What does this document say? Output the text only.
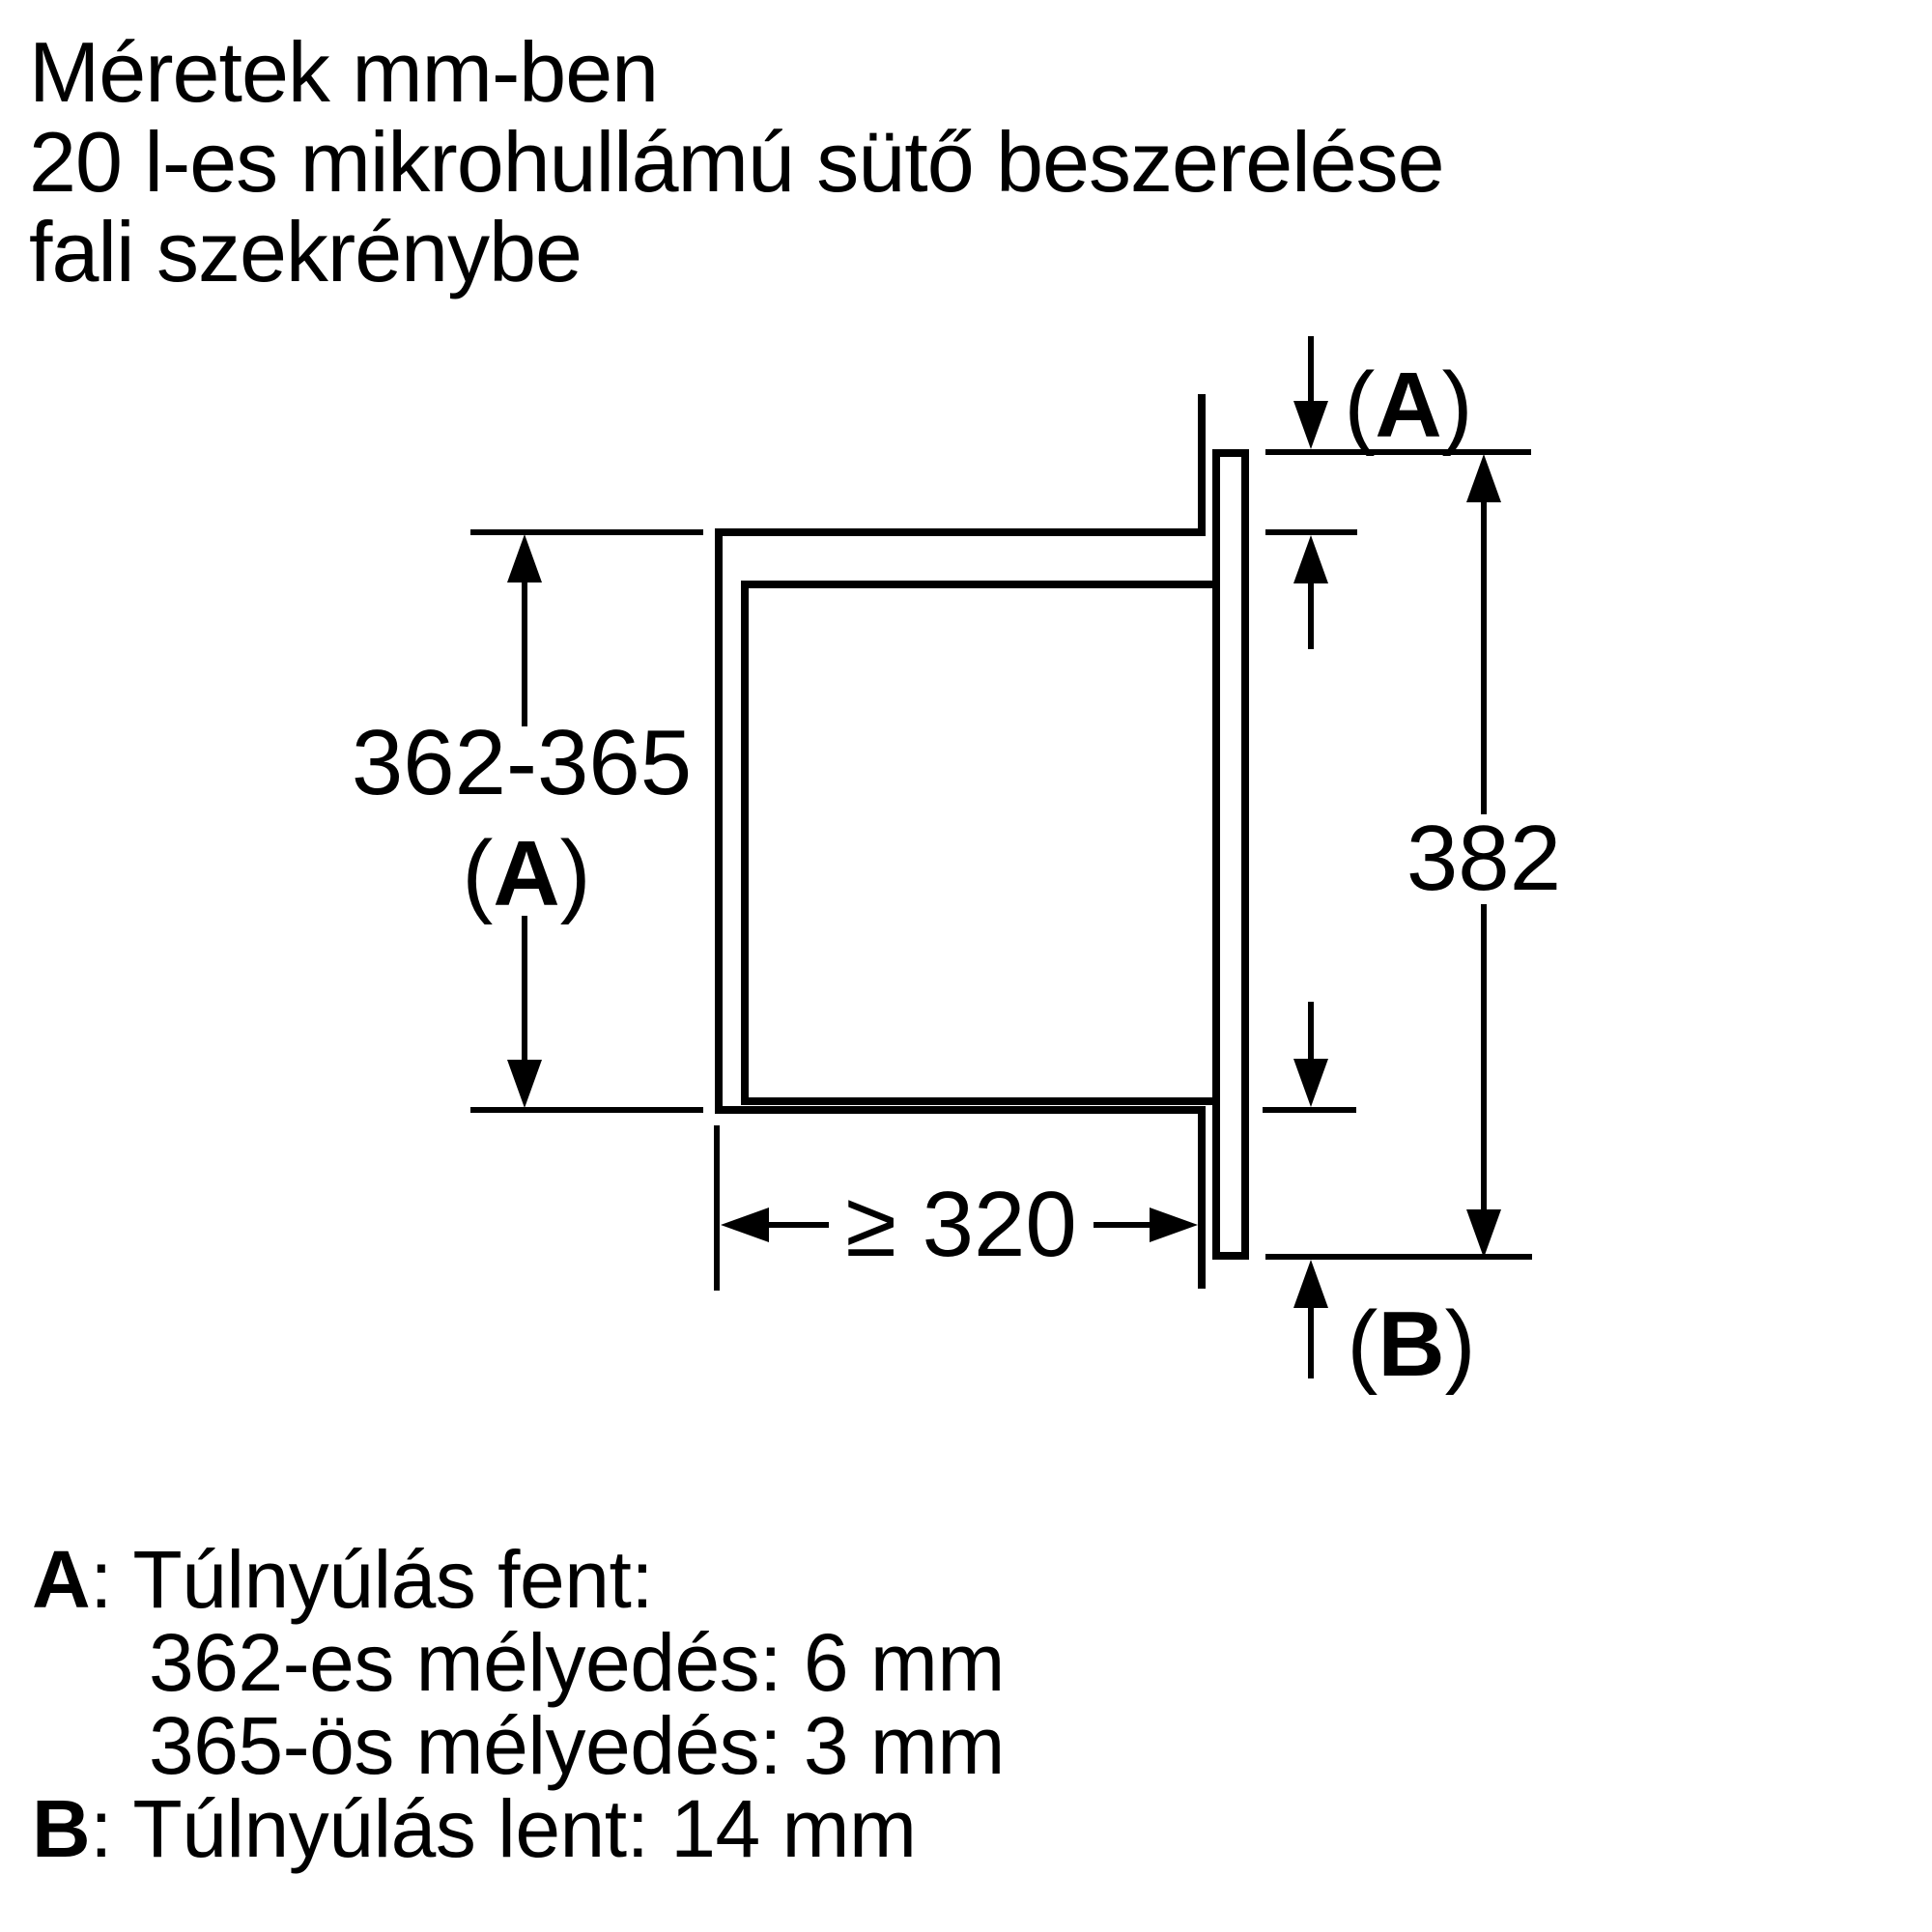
Méretek mm-ben
20 l-es mikrohullámú sütő beszerelése
fali szekrénybe
362-365
(A)
(A)
382
(B)
≥ 320
A: Túlnyúlás fent:
362-es mélyedés: 6 mm
365-ös mélyedés: 3 mm
B: Túlnyúlás lent: 14 mm
